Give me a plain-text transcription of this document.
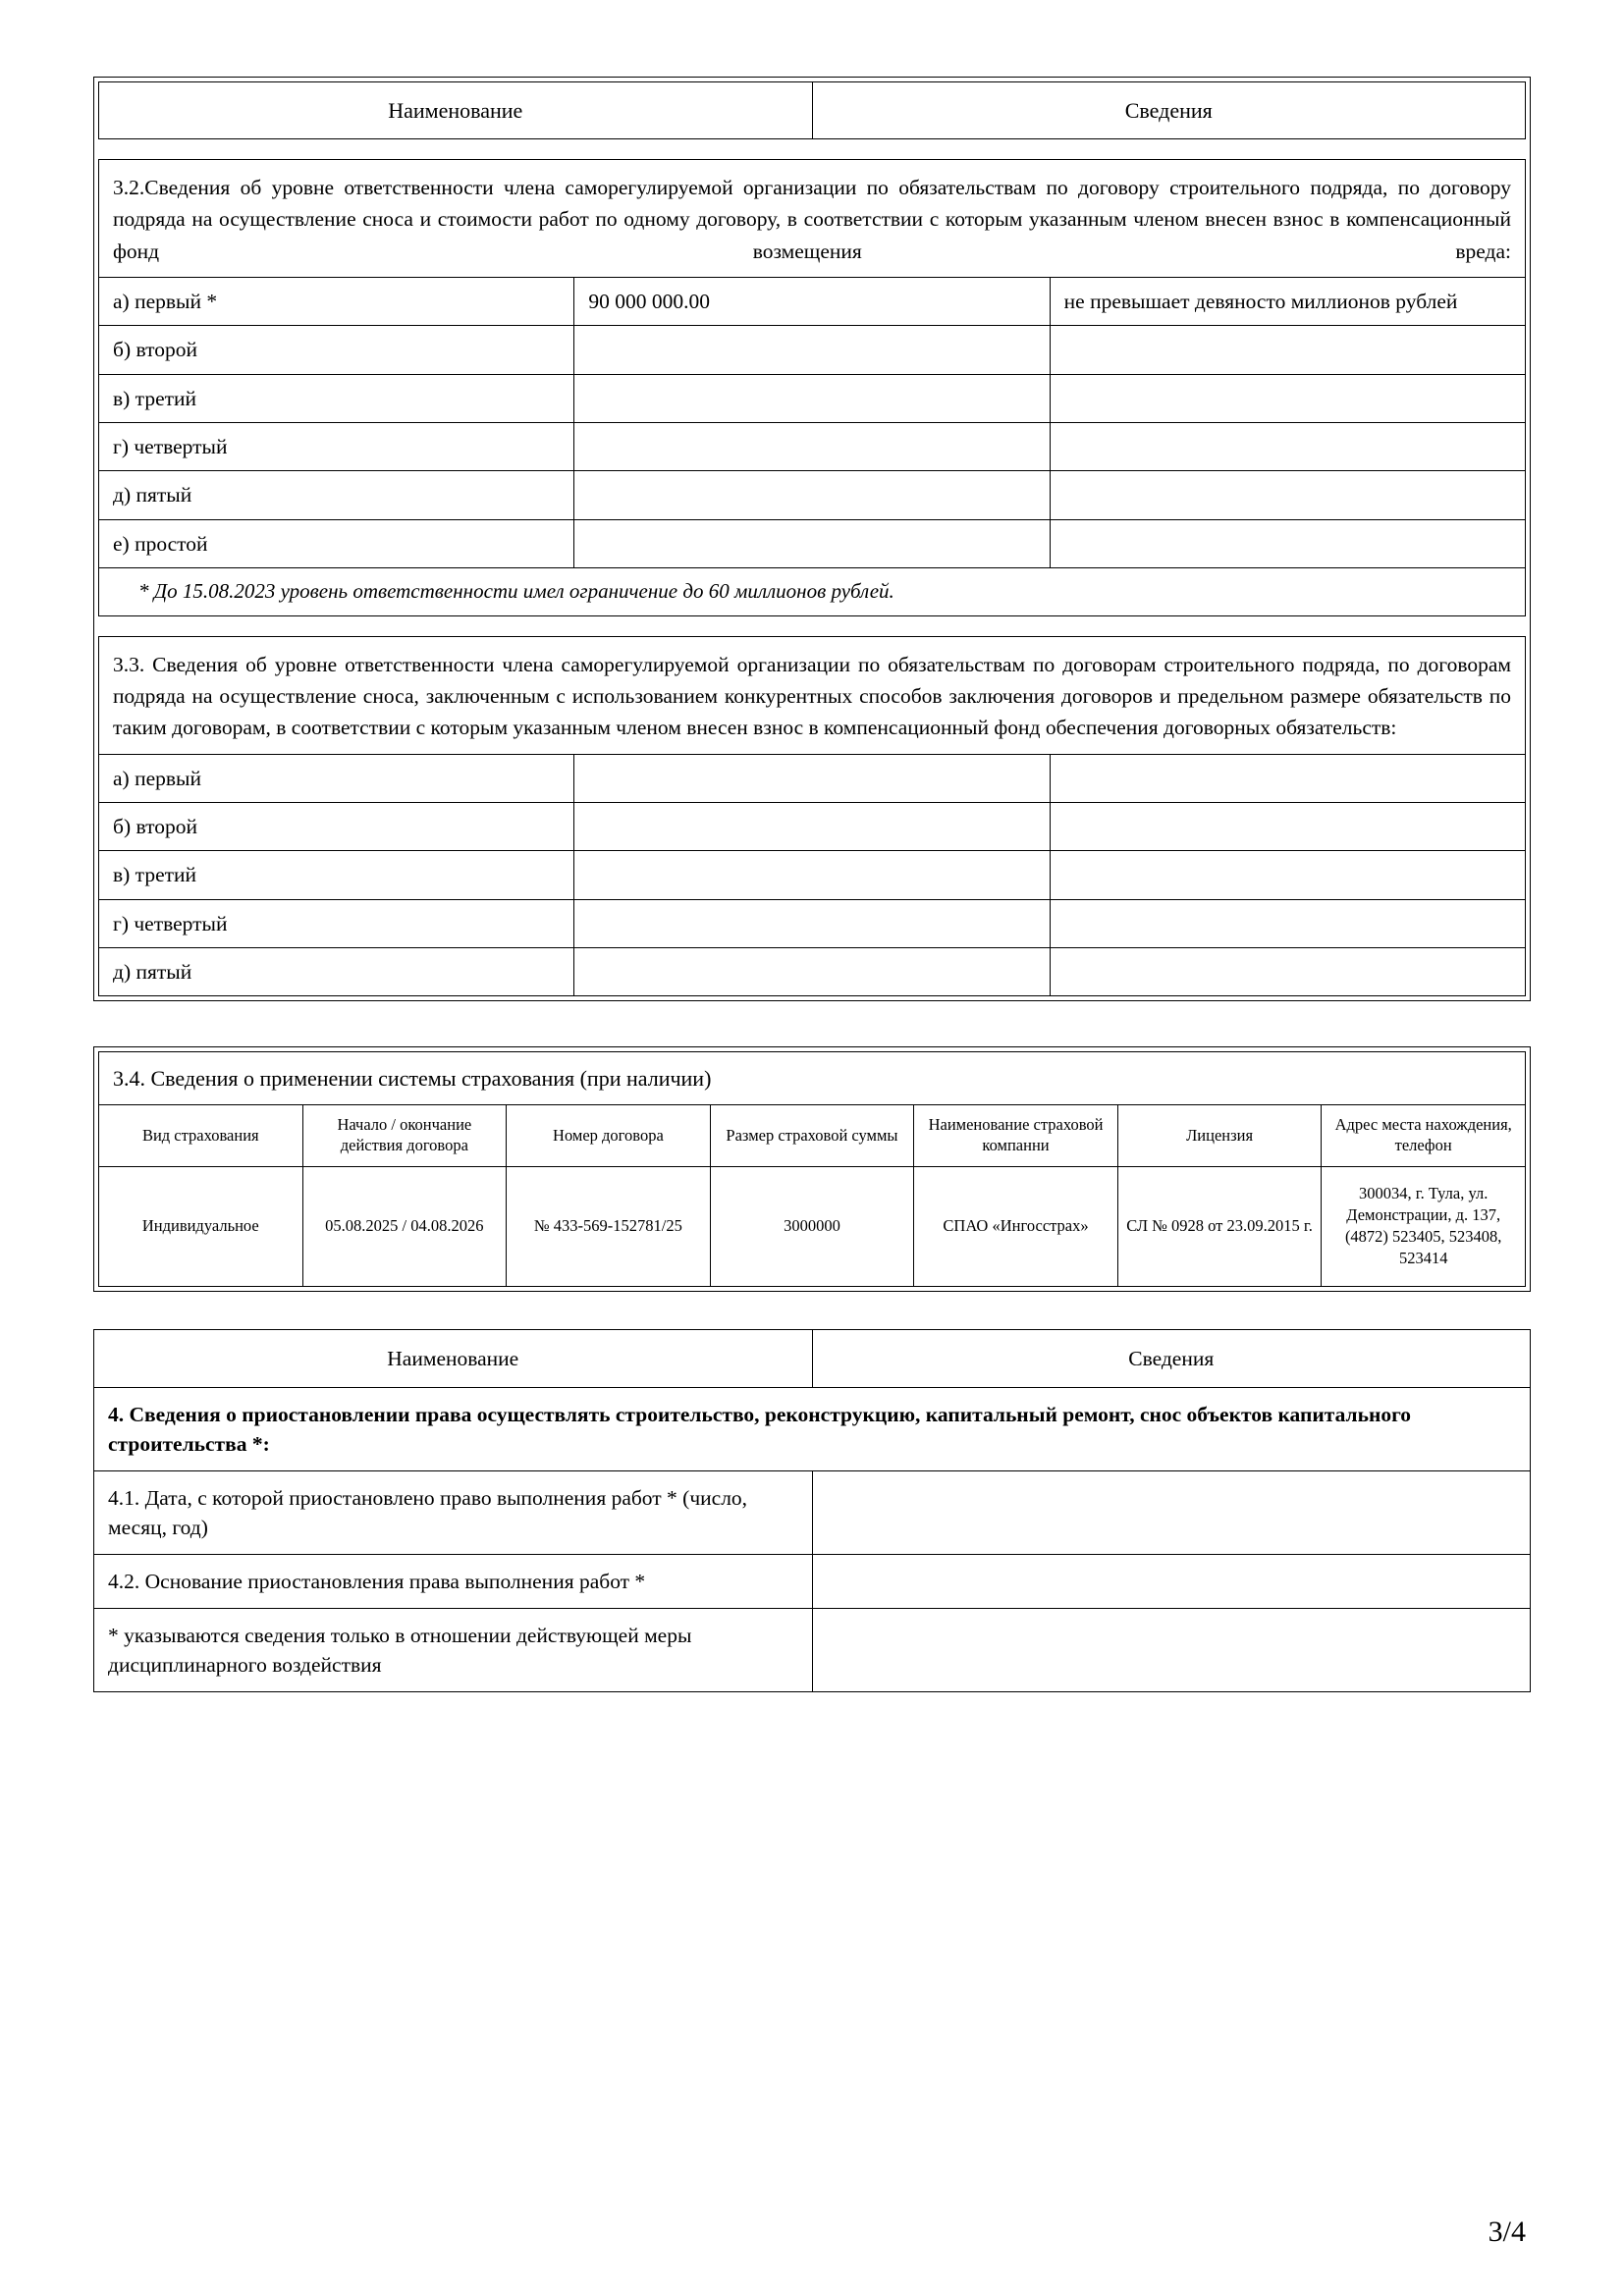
Наименование	Сведения
3.2.Сведения об уровне ответственности члена саморегулируемой организации по обязательствам по договору строительного подряда, по договору подряда на осуществление сноса и стоимости работ по одному договору, в соответствии с которым указанным членом внесен взнос в компенсационный фонд возмещения вреда:		
а) первый *	90 000 000.00	не превышает девяносто миллионов рублей
б) второй		
в) третий		
г) четвертый		
д) пятый		
е) простой		
* До 15.08.2023 уровень ответственности имел ограничение до 60 миллионов рублей.		
3.3. Сведения об уровне ответственности члена саморегулируемой организации по обязательствам по договорам строительного подряда, по договорам подряда на осуществление сноса, заключенным с использованием конкурентных способов заключения договоров и предельном размере обязательств по таким договорам, в соответствии с которым указанным членом внесен взнос в компенсационный фонд обеспечения договорных обязательств:		
а) первый		
б) второй		
в) третий		
г) четвертый		
д) пятый		
3.4. Сведения о применении системы страхования (при наличии)						
Вид страхования	Начало / окончание действия договора	Номер договора	Размер страховой суммы	Наименование страховой компанни	Лицензия	Адрес места нахождения, телефон
Индивидуальное	05.08.2025 / 04.08.2026	№ 433-569-152781/25	3000000	СПАО «Ингосстрах»	СЛ № 0928 от 23.09.2015 г.	300034, г. Тула, ул. Демонстрации, д. 137, (4872) 523405, 523408, 523414
Наименование	Сведения
4. Сведения о приостановлении права осуществлять строительство, реконструкцию, капитальный ремонт, снос объектов капитального строительства *:	
4.1. Дата, с которой приостановлено право выполнения работ * (число, месяц, год)	
4.2. Основание приостановления права выполнения работ *	
* указываются сведения только в отношении действующей меры дисциплинарного воздействия	
3/4
